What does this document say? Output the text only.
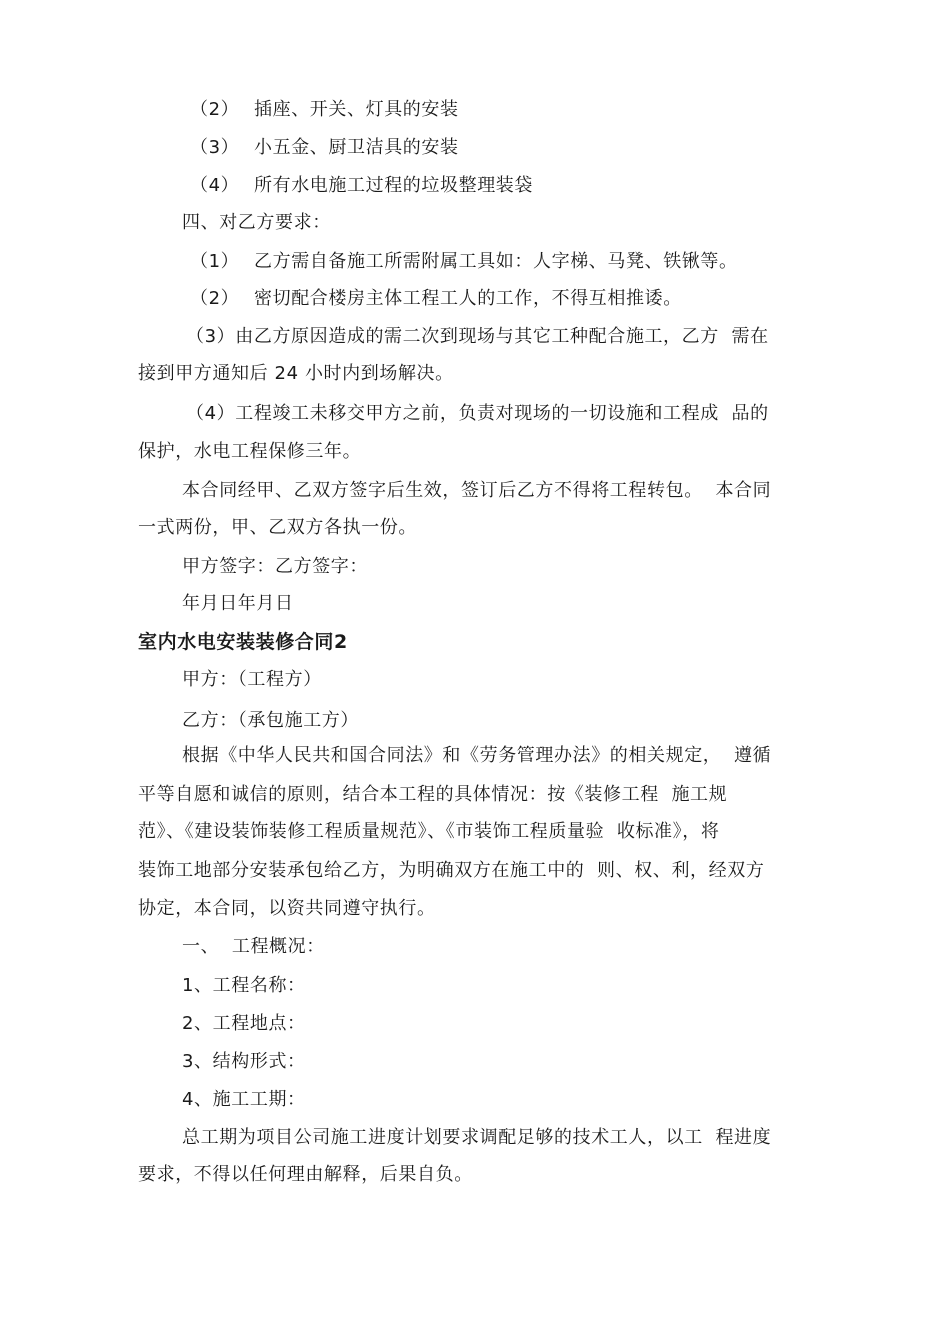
（2） 插座、开关、灯具的安装
（3） 小五金、厨卫洁具的安装
（4） 所有水电施工过程的垃圾整理装袋
四、对乙方要求：
（1） 乙方需自备施工所需附属工具如：人字梯、马凳、铁锹等。
（2） 密切配合楼房主体工程工人的工作，不得互相推诿。
（3）由乙方原因造成的需二次到现场与其它工种配合施工，乙方  需在
接到甲方通知后 24 小时内到场解决。
（4）工程竣工未移交甲方之前，负责对现场的一切设施和工程成  品的
保护，水电工程保修三年。
本合同经甲、乙双方签字后生效，签订后乙方不得将工程转包。  本合同
一式两份，甲、乙双方各执一份。
甲方签字：乙方签字：
年月日年月日
室内水电安装装修合同2
甲方：（工程方）
乙方：（承包施工方）
根据《中华人民共和国合同法》和《劳务管理办法》的相关规定，  遵循
平等自愿和诚信的原则，结合本工程的具体情况：按《装修工程  施工规
范》、《建设装饰装修工程质量规范》、《市装饰工程质量验  收标准》，将
装饰工地部分安装承包给乙方，为明确双方在施工中的  则、权、利，经双方
协定，本合同，以资共同遵守执行。
一、  工程概况：
1、工程名称：
2、工程地点：
3、结构形式：
4、施工工期：
总工期为项目公司施工进度计划要求调配足够的技术工人，以工  程进度
要求，不得以任何理由解释，后果自负。
